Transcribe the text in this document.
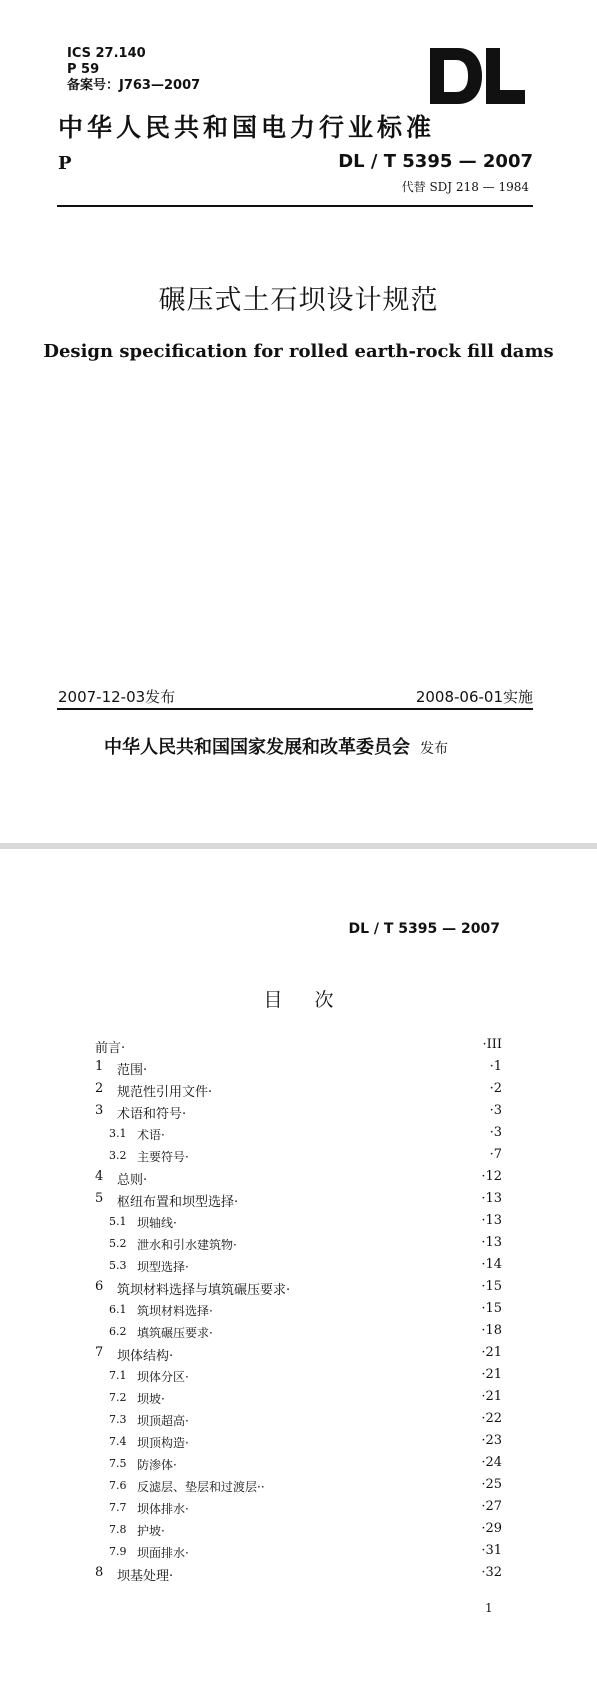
ICS 27.140
P 59
备案号：J763—2007
中华人民共和国电力行业标准
P	DL / T 5395 — 2007
代替 SDJ 218 — 1984
碾压式土石坝设计规范
Design specification for rolled earth-rock fill dams
2007-12-03发布	2008-06-01实施
中华人民共和国国家发展和改革委员会 发布
DL / T 5395 — 2007
目次
前言·	·III
1 范围·	·1
2 规范性引用文件·	·2
3 术语和符号·	·3
3.1 术语·	·3
3.2 主要符号·	·7
4 总则·	·12
5 枢纽布置和坝型选择·	·13
5.1 坝轴线·	·13
5.2 泄水和引水建筑物·	·13
5.3 坝型选择·	·14
6 筑坝材料选择与填筑碾压要求·	·15
6.1 筑坝材料选择·	·15
6.2 填筑碾压要求·	·18
7 坝体结构·	·21
7.1 坝体分区·	·21
7.2 坝坡·	·21
7.3 坝顶超高·	·22
7.4 坝顶构造·	·23
7.5 防渗体·	·24
7.6 反滤层、垫层和过渡层··	·25
7.7 坝体排水·	·27
7.8 护坡·	·29
7.9 坝面排水·	·31
8 坝基处理·	·32
1
